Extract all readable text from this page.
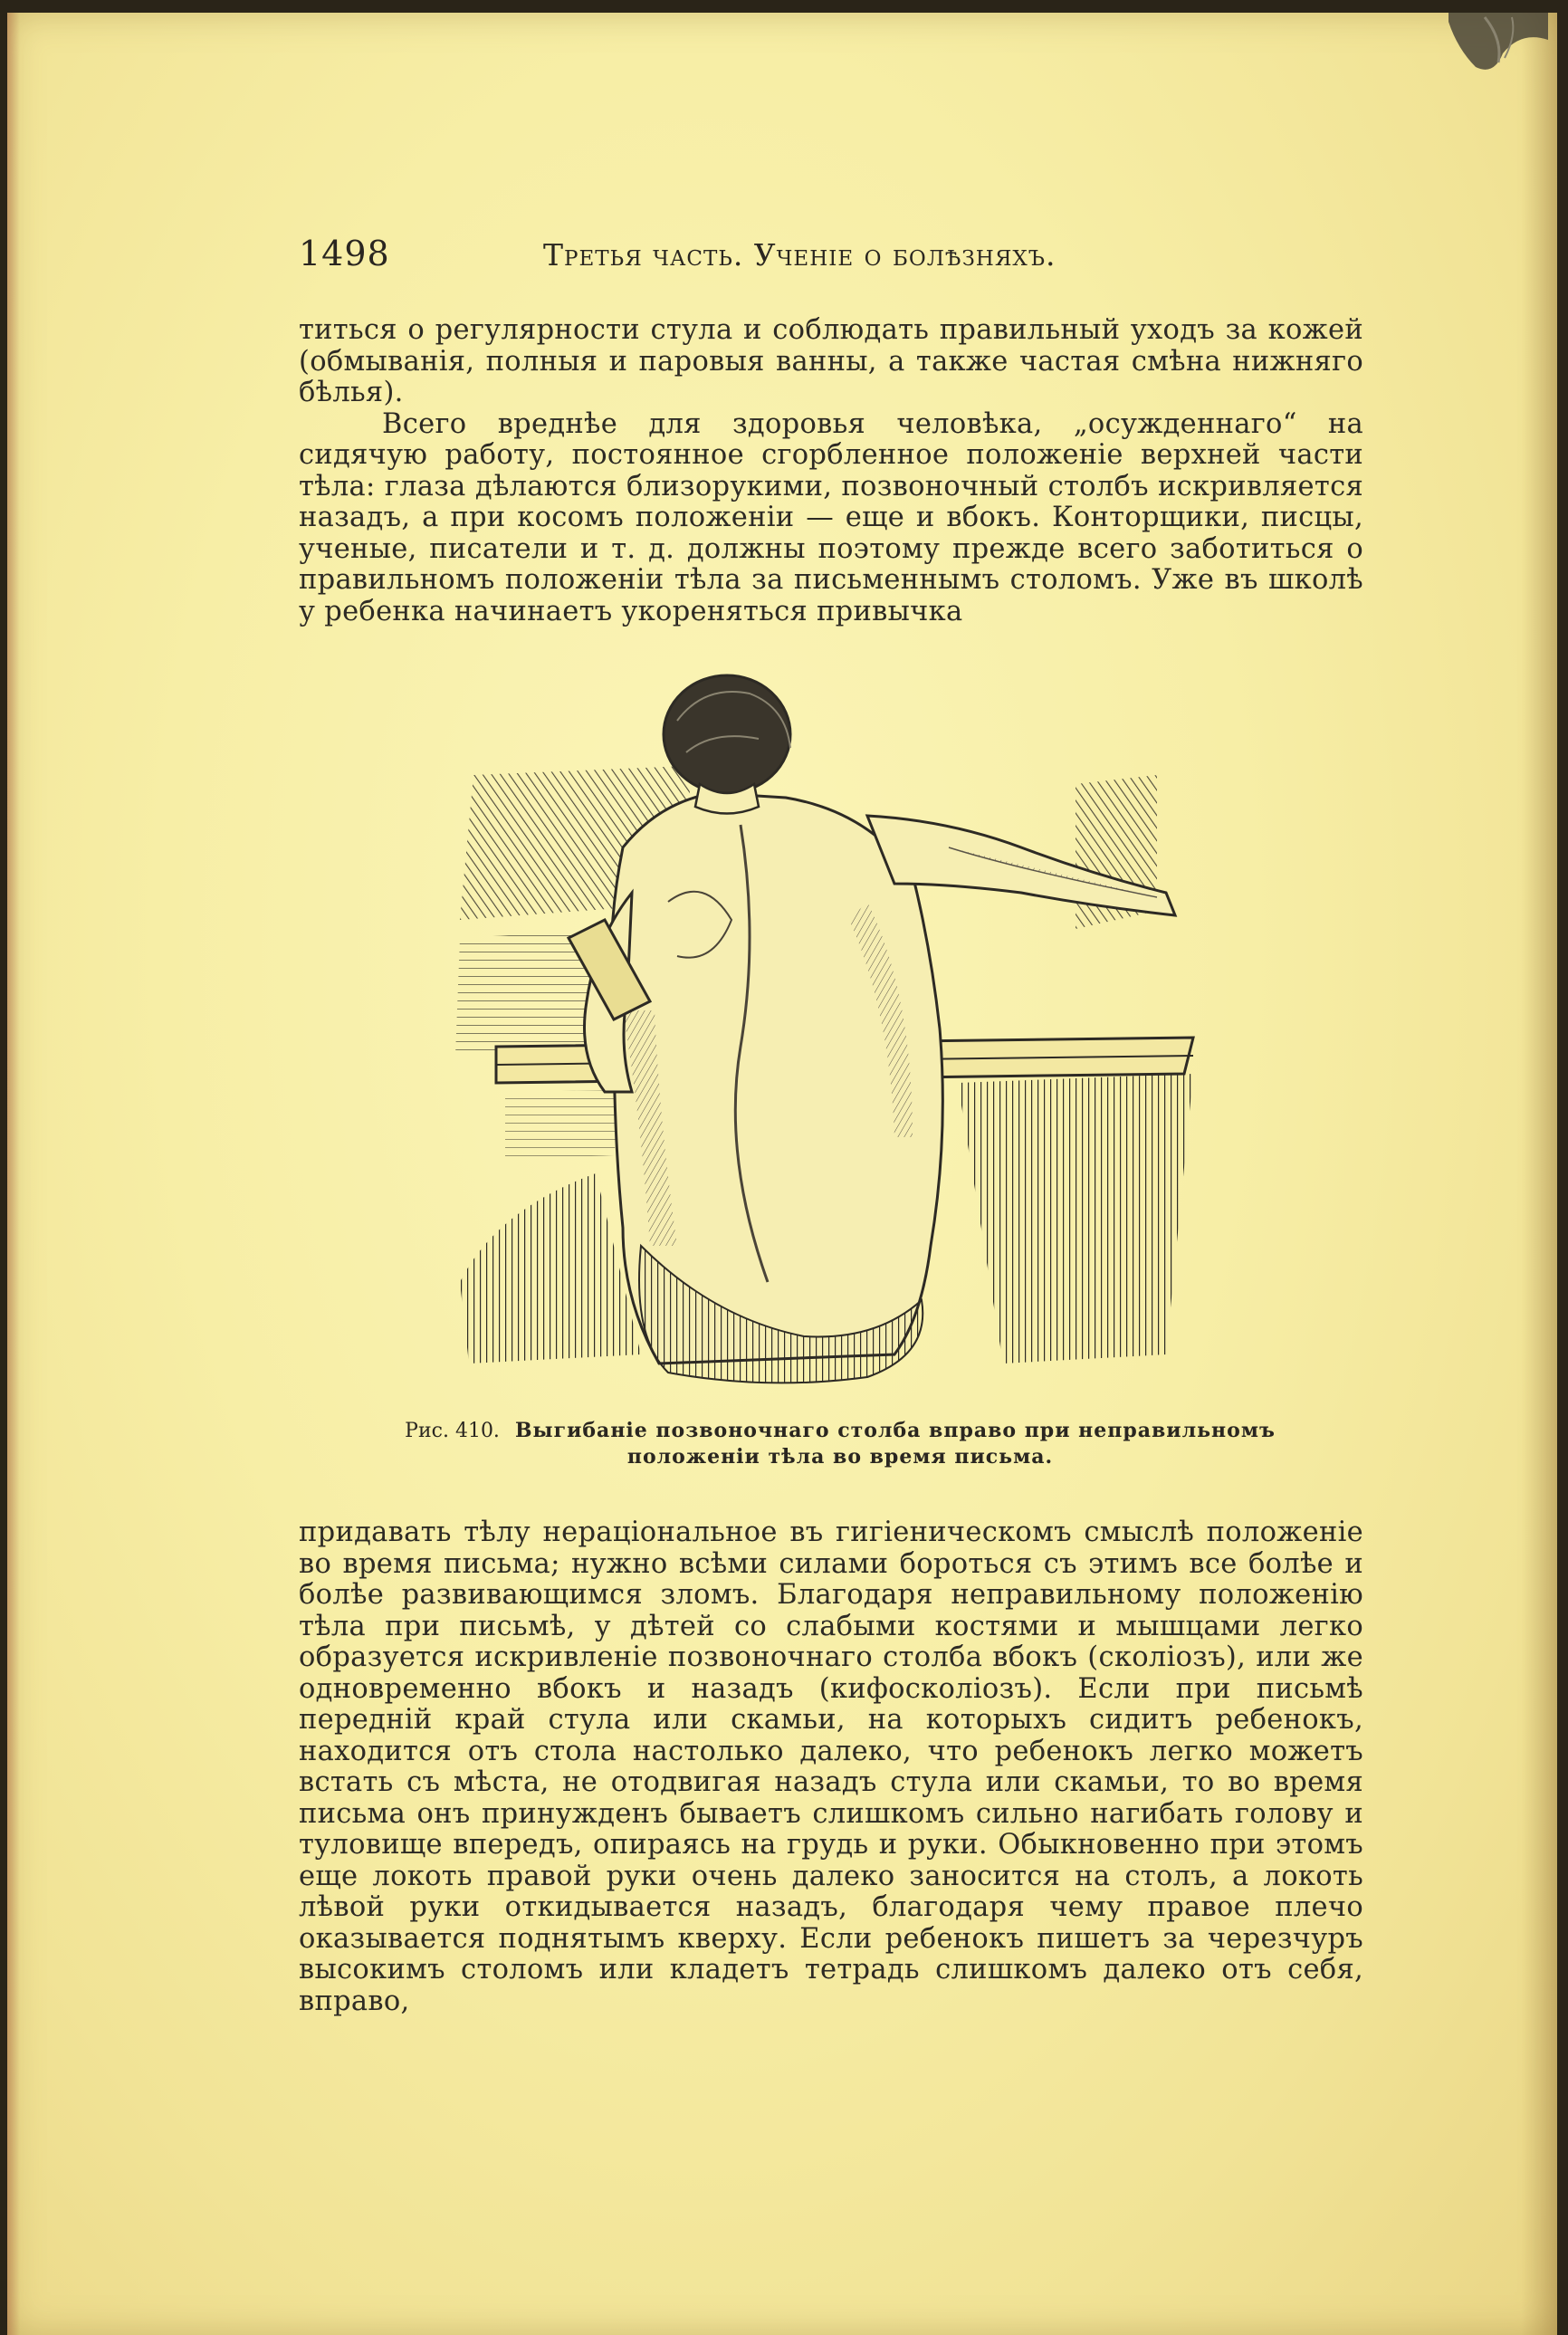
1498	Третья часть. Ученіе о болѣзняхъ.

титься о регулярности стула и соблюдать правильный уходъ за кожей (обмыванія, полныя и паровыя ванны, а также частая смѣна нижняго бѣлья).

Всего вреднѣе для здоровья человѣка, „осужденнаго“ на сидячую работу, постоянное сгорбленное положеніе верхней части тѣла: глаза дѣлаются близорукими, позвоночный столбъ искривляется назадъ, а при косомъ положеніи — еще и вбокъ. Конторщики, писцы, ученые, писатели и т. д. должны поэтому прежде всего заботиться о правильномъ положеніи тѣла за письменнымъ столомъ. Уже въ школѣ у ребенка начинаетъ укореняться привычка

Рис. 410. Выгибаніе позвоночнаго столба вправо при неправильномъ положеніи тѣла во время письма.

придавать тѣлу нераціональное въ гигіеническомъ смыслѣ положеніе во время письма; нужно всѣми силами бороться съ этимъ все болѣе и болѣе развивающимся зломъ. Благодаря неправильному положенію тѣла при письмѣ, у дѣтей со слабыми костями и мышцами легко образуется искривленіе позвоночнаго столба вбокъ (сколіозъ), или же одновременно вбокъ и назадъ (кифосколіозъ). Если при письмѣ передній край стула или скамьи, на которыхъ сидитъ ребенокъ, находится отъ стола настолько далеко, что ребенокъ легко можетъ встать съ мѣста, не отодвигая назадъ стула или скамьи, то во время письма онъ принужденъ бываетъ слишкомъ сильно нагибать голову и туловище впередъ, опираясь на грудь и руки. Обыкновенно при этомъ еще локоть правой руки очень далеко заносится на столъ, а локоть лѣвой руки откидывается назадъ, благодаря чему правое плечо оказывается поднятымъ кверху. Если ребенокъ пишетъ за черезчуръ высокимъ столомъ или кладетъ тетрадь слишкомъ далеко отъ себя, вправо,
